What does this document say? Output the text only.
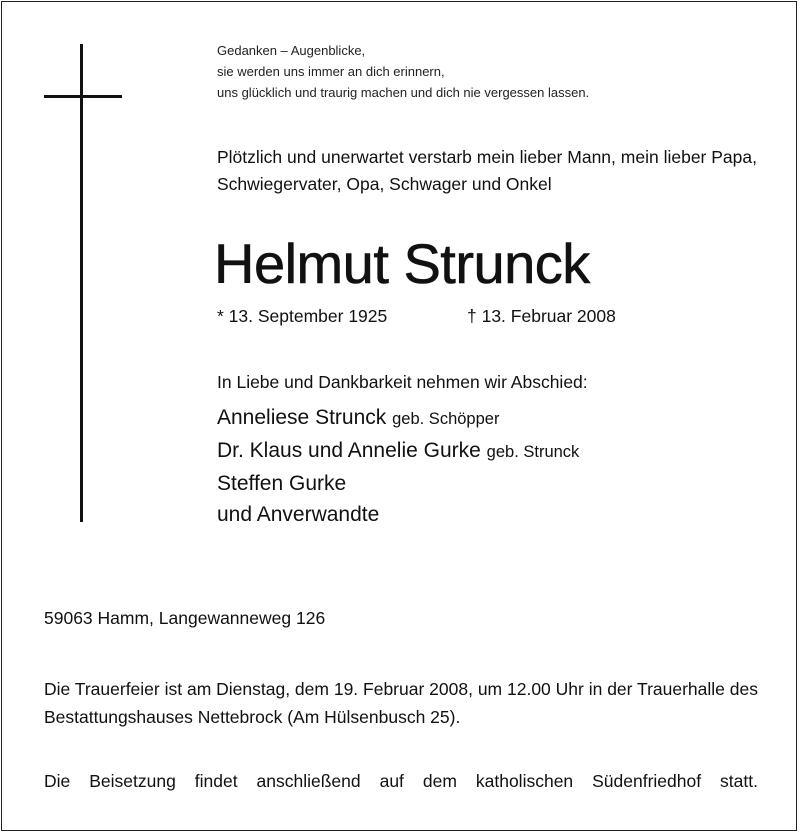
Gedanken – Augenblicke,
sie werden uns immer an dich erinnern,
uns glücklich und traurig machen und dich nie vergessen lassen.
Plötzlich und unerwartet verstarb mein lieber Mann, mein lieber Papa, Schwiegervater, Opa, Schwager und Onkel
Helmut Strunck
* 13. September 1925	† 13. Februar 2008
In Liebe und Dankbarkeit nehmen wir Abschied:
Anneliese Strunck geb. Schöpper
Dr. Klaus und Annelie Gurke geb. Strunck
Steffen Gurke
und Anverwandte
59063 Hamm, Langewanneweg 126
Die Trauerfeier ist am Dienstag, dem 19. Februar 2008, um 12.00 Uhr in der Trauerhalle des Bestattungshauses Nettebrock (Am Hülsenbusch 25).
Die Beisetzung findet anschließend auf dem katholischen Südenfriedhof statt.
